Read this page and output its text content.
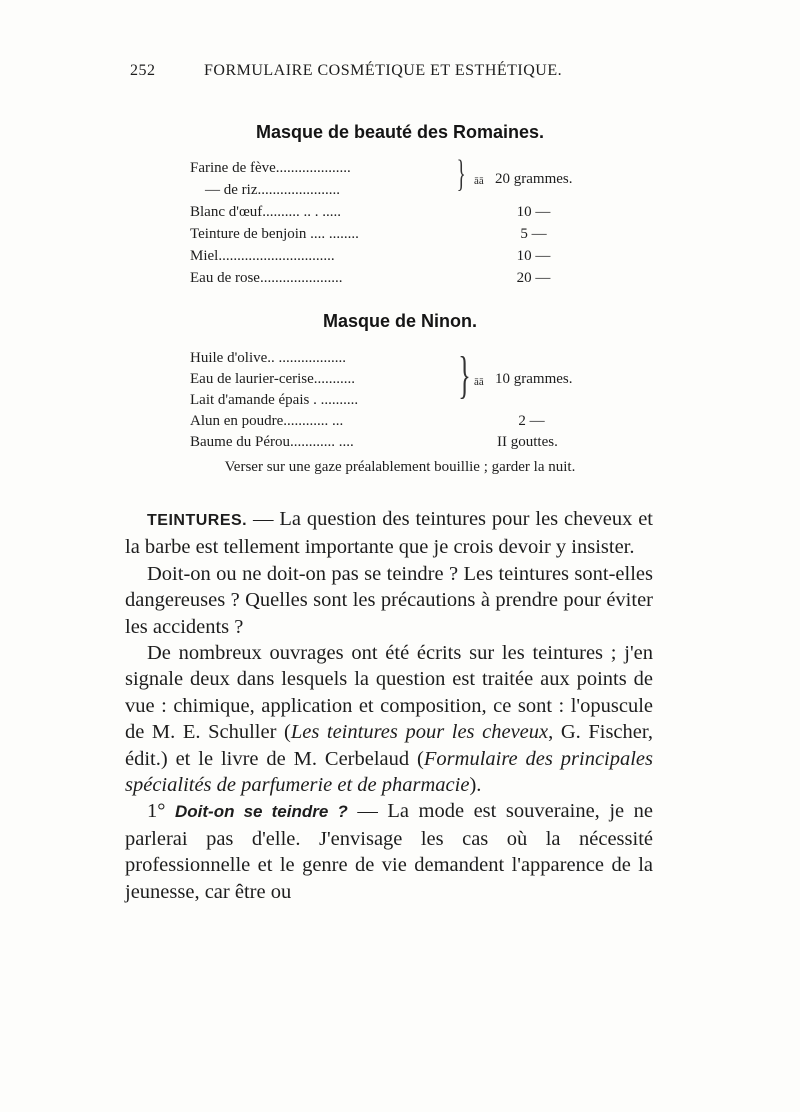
252	FORMULAIRE COSMÉTIQUE ET ESTHÉTIQUE.
Masque de beauté des Romaines.
Farine de fève....................
— de riz......................	} āā 20 grammes.
Blanc d'œuf.......... .. . .....	10 —
Teinture de benjoin .... ........	5 —
Miel...............................	10 —
Eau de rose......................	20 —
Masque de Ninon.
Huile d'olive.. ..................
Eau de laurier-cerise...........
Lait d'amande épais . .......... } āā 10 grammes.
Alun en poudre............ ...	2 —
Baume du Pérou............ ....	II gouttes.
Verser sur une gaze préalablement bouillie ; garder la nuit.

TEINTURES. — La question des teintures pour les cheveux et la barbe est tellement importante que je crois devoir y insister.

Doit-on ou ne doit-on pas se teindre ? Les teintures sont-elles dangereuses ? Quelles sont les précautions à prendre pour éviter les accidents ?

De nombreux ouvrages ont été écrits sur les teintures ; j'en signale deux dans lesquels la question est traitée aux points de vue : chimique, application et composition, ce sont : l'opuscule de M. E. Schuller (Les teintures pour les cheveux, G. Fischer, édit.) et le livre de M. Cerbelaud (Formulaire des principales spécialités de parfumerie et de pharmacie).

1° Doit-on se teindre ? — La mode est souveraine, je ne parlerai pas d'elle. J'envisage les cas où la nécessité professionnelle et le genre de vie demandent l'apparence de la jeunesse, car être ou
